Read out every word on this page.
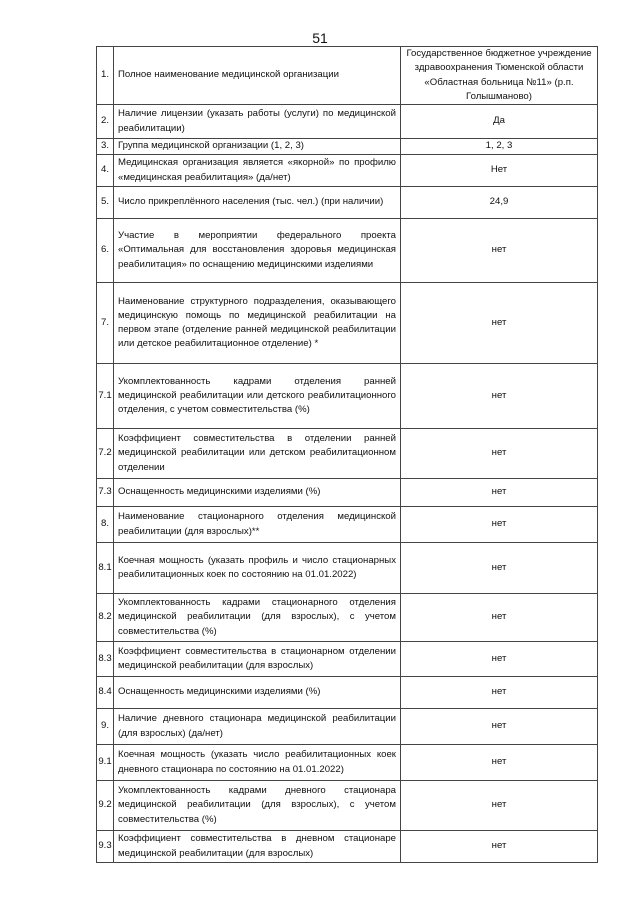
51
1.	Полное наименование медицинской организации	Государственное бюджетное учреждение здравоохранения Тюменской области «Областная больница №11» (р.п. Голышманово)
2.	Наличие лицензии (указать работы (услуги) по медицинской реабилитации)	Да
3.	Группа медицинской организации (1, 2, 3)	1, 2, 3
4.	Медицинская организация является «якорной» по профилю «медицинская реабилитация» (да/нет)	Нет
5.	Число прикреплённого населения (тыс. чел.) (при наличии)	24,9
6.	Участие в мероприятии федерального проекта «Оптимальная для восстановления здоровья медицинская реабилитация» по оснащению медицинскими изделиями	нет
7.	Наименование структурного подразделения, оказывающего медицинскую помощь по медицинской реабилитации на первом этапе (отделение ранней медицинской реабилитации или детское реабилитационное отделение) *	нет
7.1	Укомплектованность кадрами отделения ранней медицинской реабилитации или детского реабилитационного отделения, с учетом совместительства (%)	нет
7.2	Коэффициент совместительства в отделении ранней медицинской реабилитации или детском реабилитационном отделении	нет
7.3	Оснащенность медицинскими изделиями (%)	нет
8.	Наименование стационарного отделения медицинской реабилитации (для взрослых)**	нет
8.1	Коечная мощность (указать профиль и число стационарных реабилитационных коек по состоянию на 01.01.2022)	нет
8.2	Укомплектованность кадрами стационарного отделения медицинской реабилитации (для взрослых), с учетом совместительства (%)	нет
8.3	Коэффициент совместительства в стационарном отделении медицинской реабилитации (для взрослых)	нет
8.4	Оснащенность медицинскими изделиями (%)	нет
9.	Наличие дневного стационара медицинской реабилитации (для взрослых) (да/нет)	нет
9.1	Коечная мощность (указать число реабилитационных коек дневного стационара по состоянию на 01.01.2022)	нет
9.2	Укомплектованность кадрами дневного стационара медицинской реабилитации (для взрослых), с учетом совместительства (%)	нет
9.3	Коэффициент совместительства в дневном стационаре медицинской реабилитации (для взрослых)	нет
